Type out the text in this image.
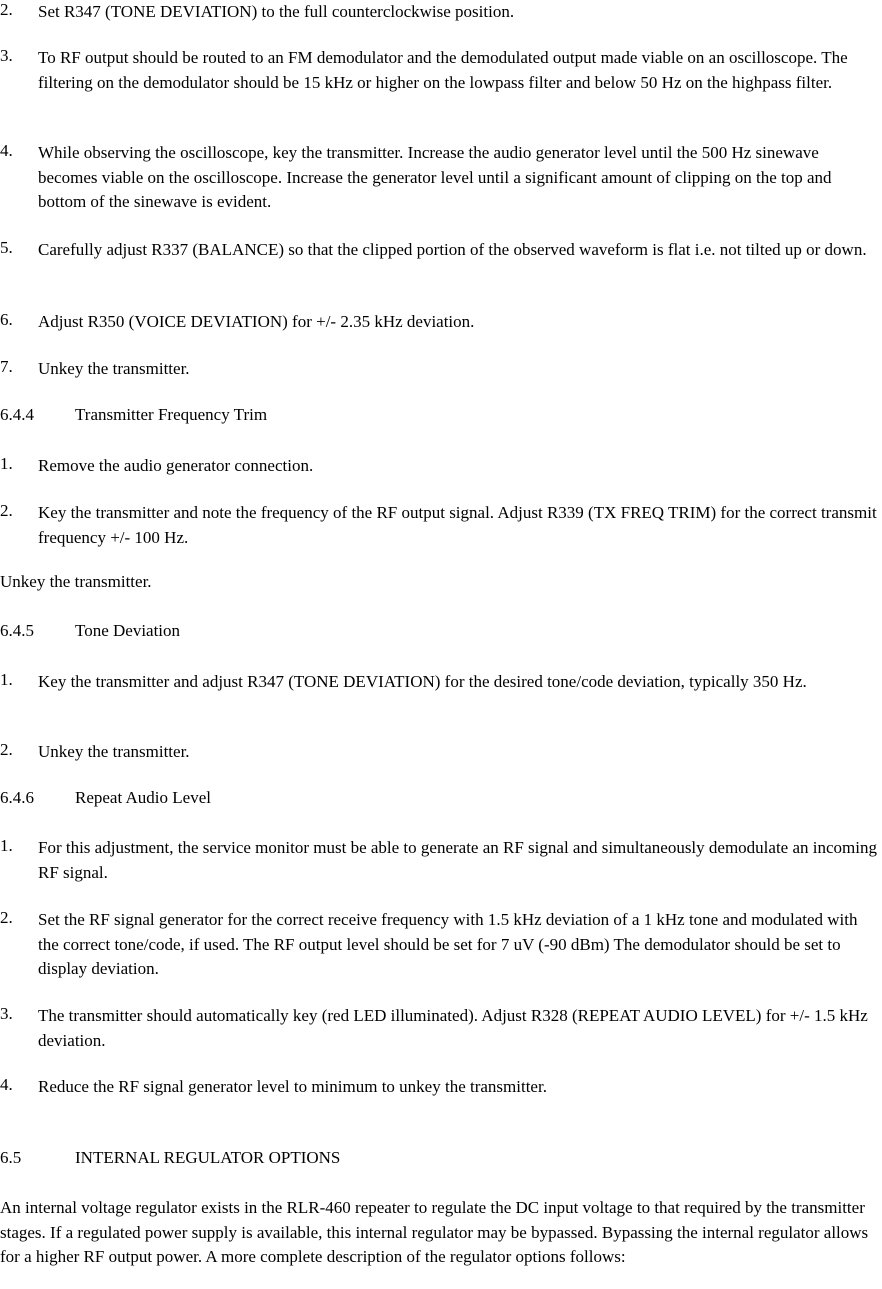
2. Set R347 (TONE DEVIATION) to the full counterclockwise position.
3. To RF output should be routed to an FM demodulator and the demodulated output made viable on an oscilloscope. The filtering on the demodulator should be 15 kHz or higher on the lowpass filter and below 50 Hz on the highpass filter.
4. While observing the oscilloscope, key the transmitter. Increase the audio generator level until the 500 Hz sinewave becomes viable on the oscilloscope. Increase the generator level until a significant amount of clipping on the top and bottom of the sinewave is evident.
5. Carefully adjust R337 (BALANCE) so that the clipped portion of the observed waveform is flat i.e. not tilted up or down.
6. Adjust R350 (VOICE DEVIATION) for +/- 2.35 kHz deviation.
7. Unkey the transmitter.
6.4.4 Transmitter Frequency Trim
1. Remove the audio generator connection.
2. Key the transmitter and note the frequency of the RF output signal. Adjust R339 (TX FREQ TRIM) for the correct transmit frequency +/- 100 Hz.
Unkey the transmitter.
6.4.5 Tone Deviation
1. Key the transmitter and adjust R347 (TONE DEVIATION) for the desired tone/code deviation, typically 350 Hz.
2. Unkey the transmitter.
6.4.6 Repeat Audio Level
1. For this adjustment, the service monitor must be able to generate an RF signal and simultaneously demodulate an incoming RF signal.
2. Set the RF signal generator for the correct receive frequency with 1.5 kHz deviation of a 1 kHz tone and modulated with the correct tone/code, if used. The RF output level should be set for 7 uV (-90 dBm) The demodulator should be set to display deviation.
3. The transmitter should automatically key (red LED illuminated). Adjust R328 (REPEAT AUDIO LEVEL) for +/- 1.5 kHz deviation.
4. Reduce the RF signal generator level to minimum to unkey the transmitter.
6.5	INTERNAL REGULATOR OPTIONS
An internal voltage regulator exists in the RLR-460 repeater to regulate the DC input voltage to that required by the transmitter stages. If a regulated power supply is available, this internal regulator may be bypassed. Bypassing the internal regulator allows for a higher RF output power. A more complete description of the regulator options follows:
